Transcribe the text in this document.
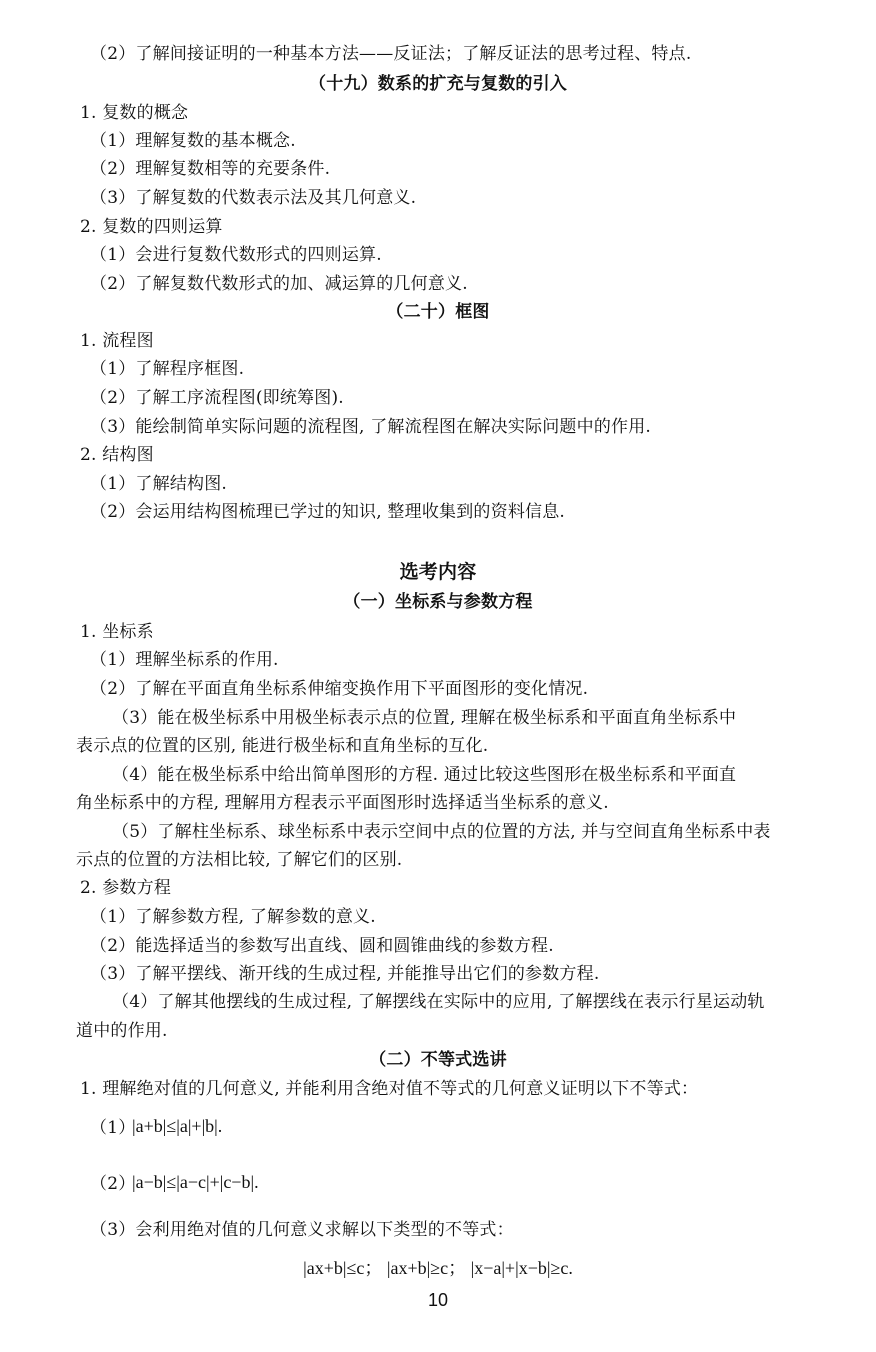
（2）了解间接证明的一种基本方法——反证法；了解反证法的思考过程、特点.
（十九）数系的扩充与复数的引入
1. 复数的概念
（1）理解复数的基本概念.
（2）理解复数相等的充要条件.
（3）了解复数的代数表示法及其几何意义.
2. 复数的四则运算
（1）会进行复数代数形式的四则运算.
（2）了解复数代数形式的加、减运算的几何意义.
（二十）框图
1. 流程图
（1）了解程序框图.
（2）了解工序流程图(即统筹图).
（3）能绘制简单实际问题的流程图, 了解流程图在解决实际问题中的作用.
2. 结构图
（1）了解结构图.
（2）会运用结构图梳理已学过的知识, 整理收集到的资料信息.
选考内容
（一）坐标系与参数方程
1. 坐标系
（1）理解坐标系的作用.
（2）了解在平面直角坐标系伸缩变换作用下平面图形的变化情况.
（3）能在极坐标系中用极坐标表示点的位置, 理解在极坐标系和平面直角坐标系中
表示点的位置的区别, 能进行极坐标和直角坐标的互化.
（4）能在极坐标系中给出简单图形的方程. 通过比较这些图形在极坐标系和平面直
角坐标系中的方程, 理解用方程表示平面图形时选择适当坐标系的意义.
（5）了解柱坐标系、球坐标系中表示空间中点的位置的方法, 并与空间直角坐标系中表
示点的位置的方法相比较, 了解它们的区别.
2. 参数方程
（1）了解参数方程, 了解参数的意义.
（2）能选择适当的参数写出直线、圆和圆锥曲线的参数方程.
（3）了解平摆线、渐开线的生成过程, 并能推导出它们的参数方程.
（4）了解其他摆线的生成过程, 了解摆线在实际中的应用, 了解摆线在表示行星运动轨
道中的作用.
（二）不等式选讲
1. 理解绝对值的几何意义, 并能利用含绝对值不等式的几何意义证明以下不等式：
（1）
|a+b|≤|a|+|b|.
（2）
|a−b|≤|a−c|+|c−b|.
（3）会利用绝对值的几何意义求解以下类型的不等式：
|ax+b|≤c； |ax+b|≥c； |x−a|+|x−b|≥c.
10
